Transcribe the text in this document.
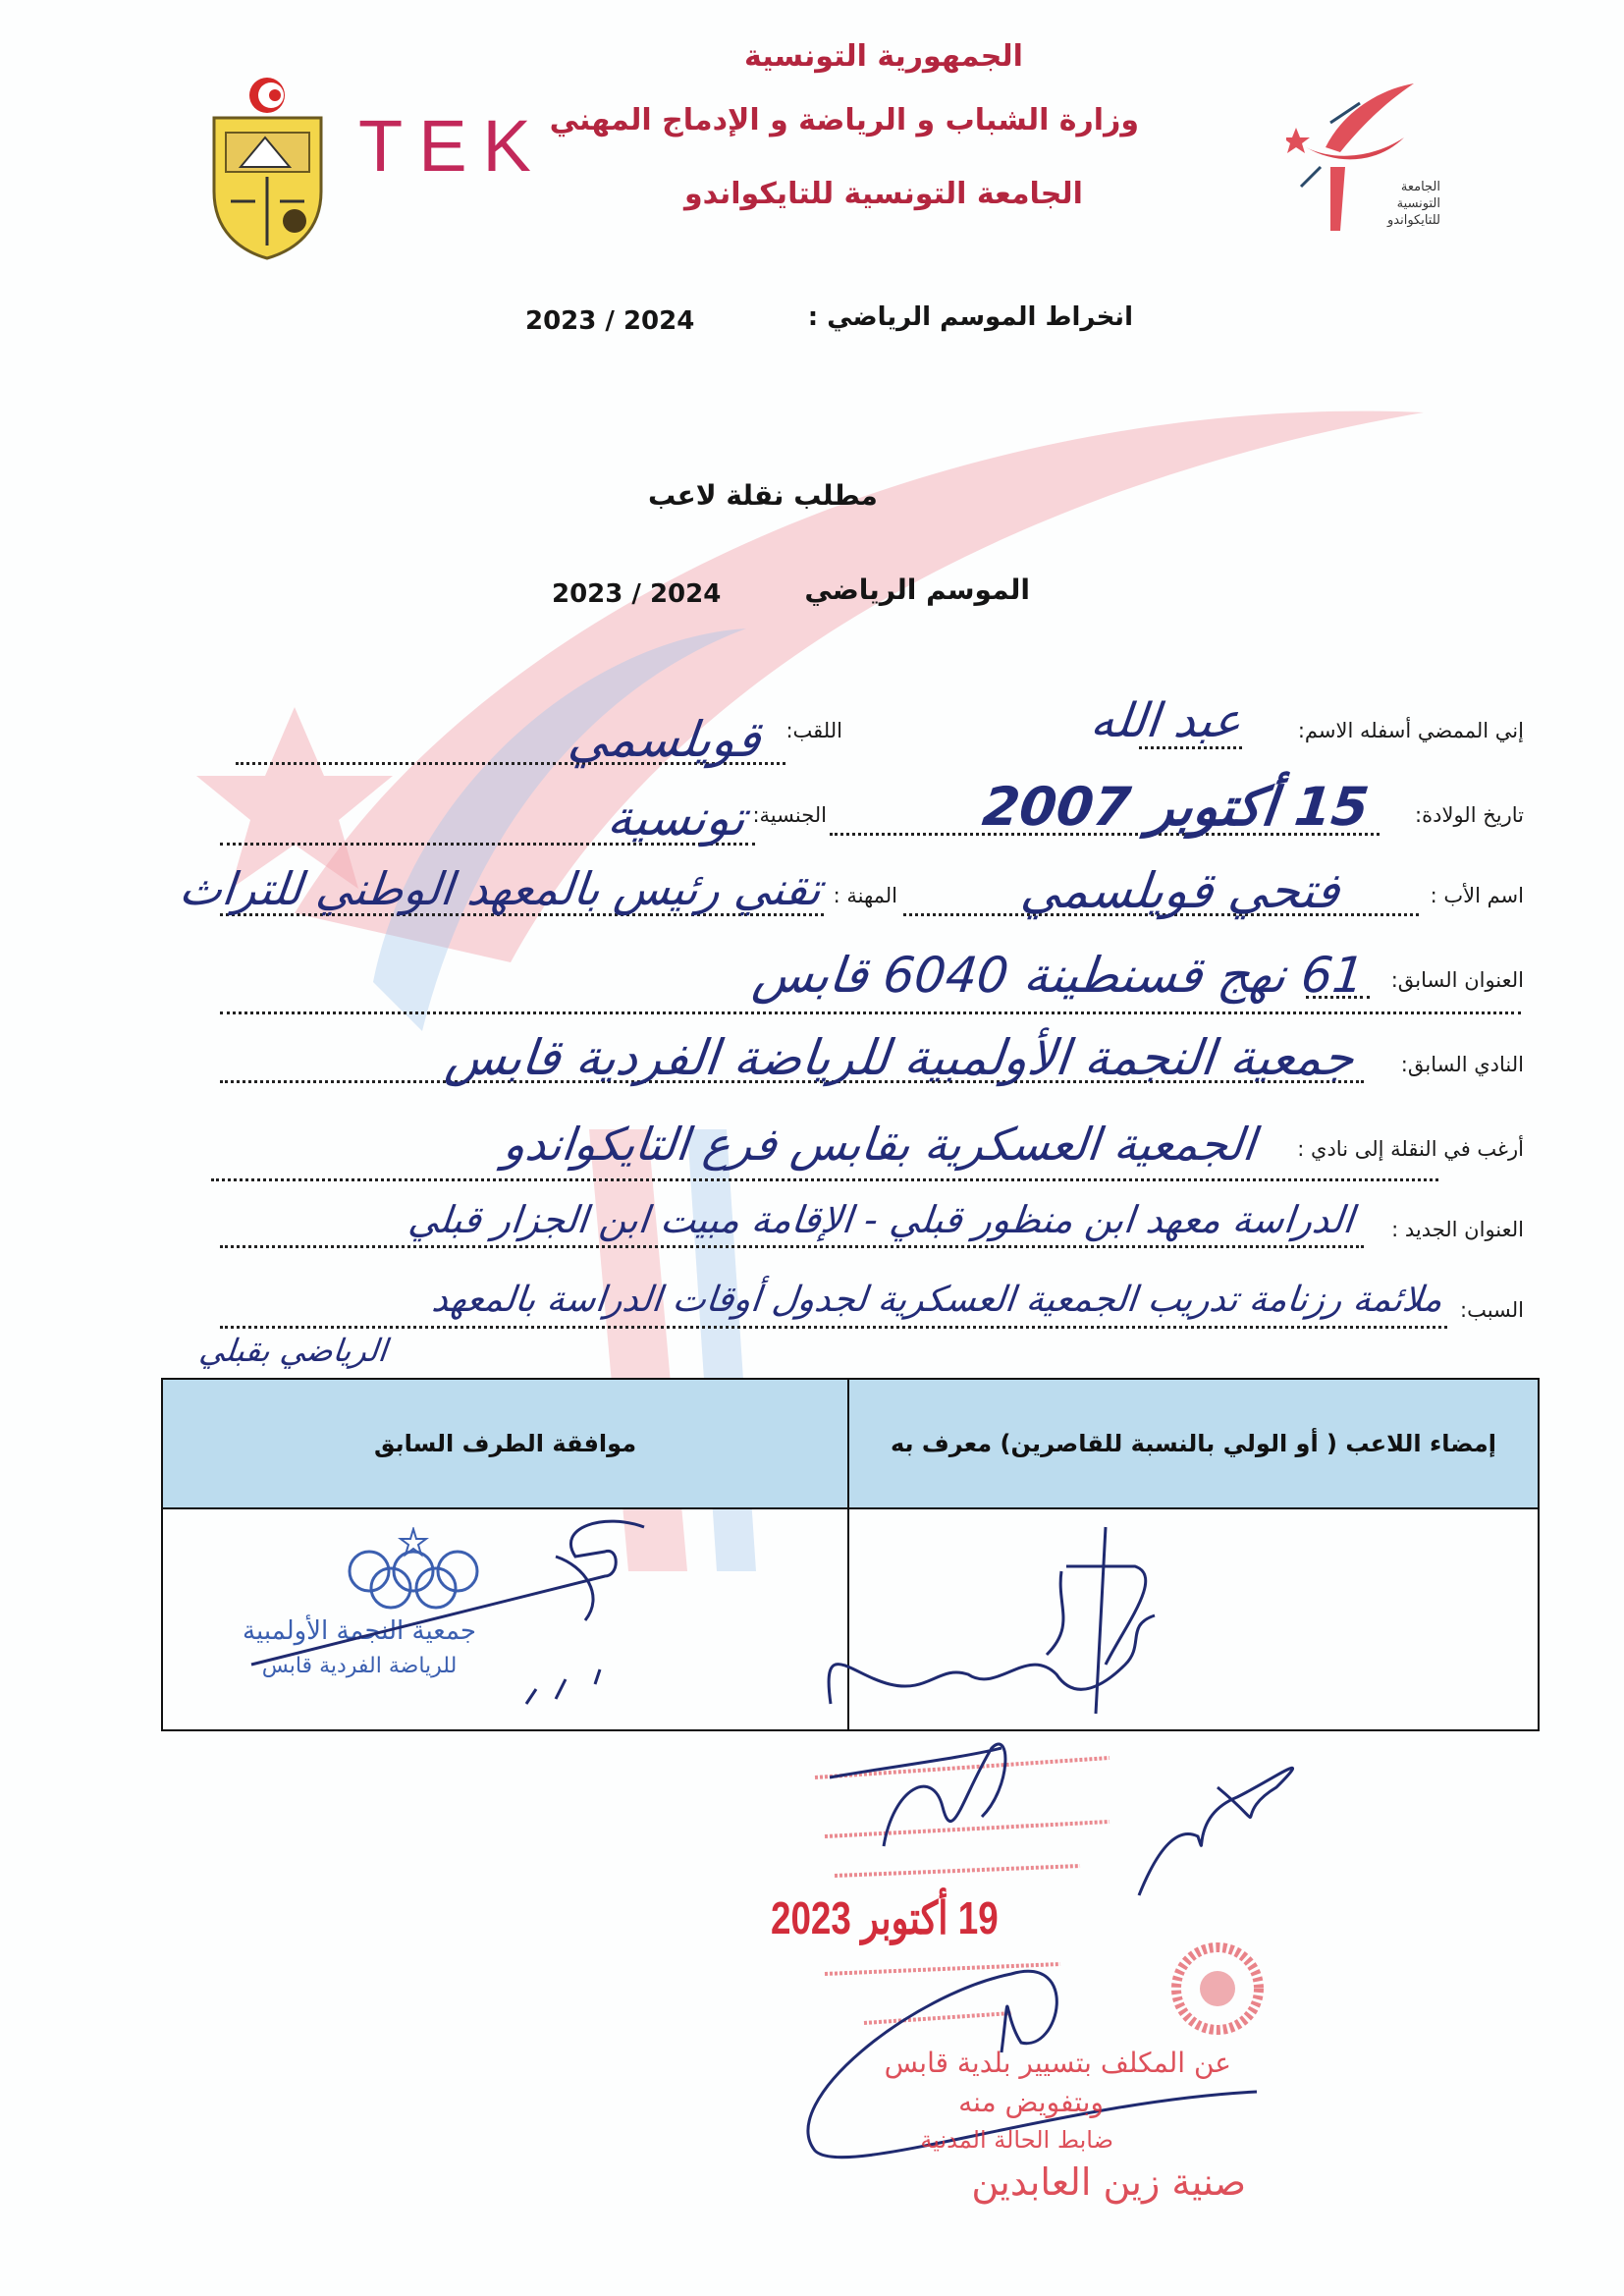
TEK
الجمهورية التونسية
وزارة الشباب و الرياضة و الإدماج المهني
الجامعة التونسية للتايكواندو	الجامعة
التونسية
للتايكواندو
انخراط الموسم الرياضي :
2023 / 2024
مطلب نقلة لاعب
الموسم الرياضي
2023 / 2024
إني الممضي أسفله الاسم:
عبد الله
اللقب:
قويلسمي
تاريخ الولادة:
15 أكتوبر 2007
الجنسية:
تونسية
اسم الأب :
فتحي قويلسمي
المهنة :
تقني رئيس بالمعهد الوطني للتراث
العنوان السابق:
61 نهج قسنطينة 6040 قابس
النادي السابق:
جمعية النجمة الأولمبية للرياضة الفردية قابس
أرغب في النقلة إلى نادي :
الجمعية العسكرية بقابس فرع التايكواندو
العنوان الجديد :
الدراسة معهد ابن منظور قبلي - الإقامة مبيت ابن الجزار قبلي
السبب:
ملائمة رزنامة تدريب الجمعية العسكرية لجدول أوقات الدراسة بالمعهد
الرياضي بقبلي
موافقة الطرف السابق	إمضاء اللاعب ( أو الولي بالنسبة للقاصرين) معرف به
جمعية النجمة الأولمبية
للرياضة الفردية قابس
19 أكتوبر 2023
عن المكلف بتسيير بلدية قابس
وبتفويض منه
ضابط الحالة المدنية
صنية زين العابدين
